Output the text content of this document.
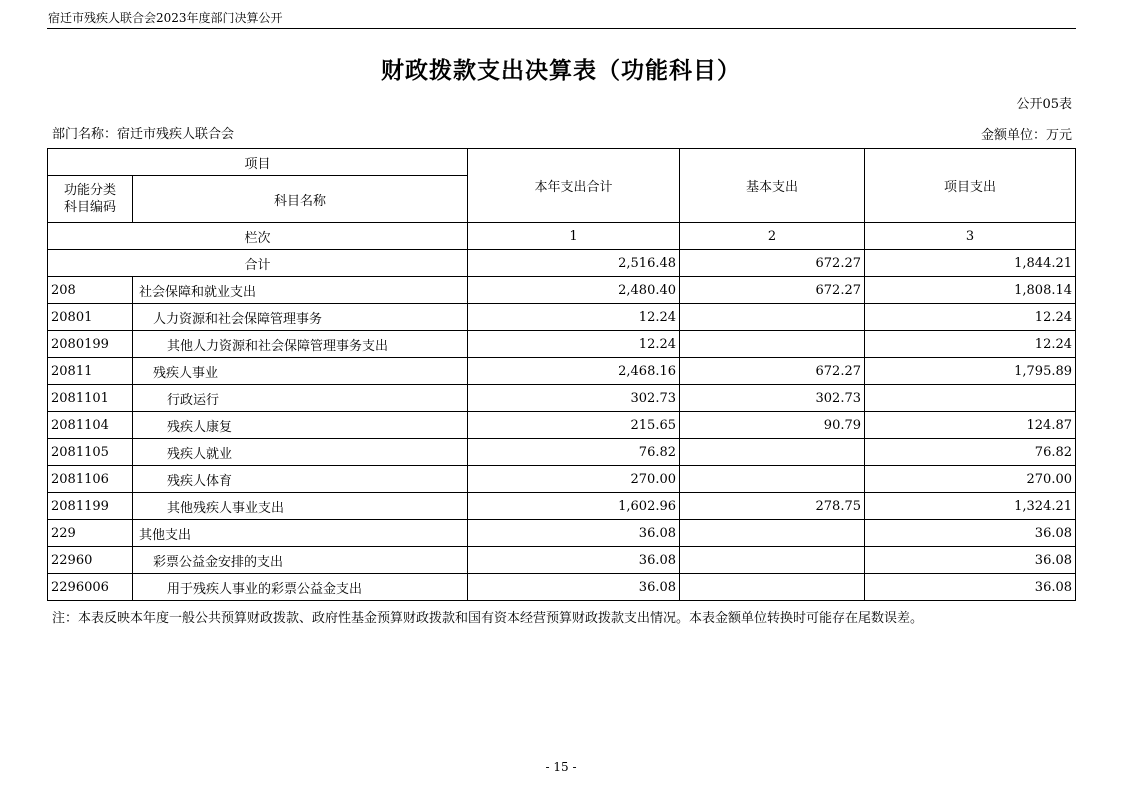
宿迁市残疾人联合会2023年度部门决算公开
财政拨款支出决算表（功能科目）
公开05表
部门名称：宿迁市残疾人联合会	金额单位：万元
项目		本年支出合计	基本支出	项目支出
功能分类
科目编码	科目名称			
栏次		1	2	3
合计		2,516.48	672.27	1,844.21
208	社会保障和就业支出	2,480.40	672.27	1,808.14
20801	人力资源和社会保障管理事务	12.24		12.24
2080199	其他人力资源和社会保障管理事务支出	12.24		12.24
20811	残疾人事业	2,468.16	672.27	1,795.89
2081101	行政运行	302.73	302.73	
2081104	残疾人康复	215.65	90.79	124.87
2081105	残疾人就业	76.82		76.82
2081106	残疾人体育	270.00		270.00
2081199	其他残疾人事业支出	1,602.96	278.75	1,324.21
229	其他支出	36.08		36.08
22960	彩票公益金安排的支出	36.08		36.08
2296006	用于残疾人事业的彩票公益金支出	36.08		36.08
注：本表反映本年度一般公共预算财政拨款、政府性基金预算财政拨款和国有资本经营预算财政拨款支出情况。本表金额单位转换时可能存在尾数误差。
- 15 -
